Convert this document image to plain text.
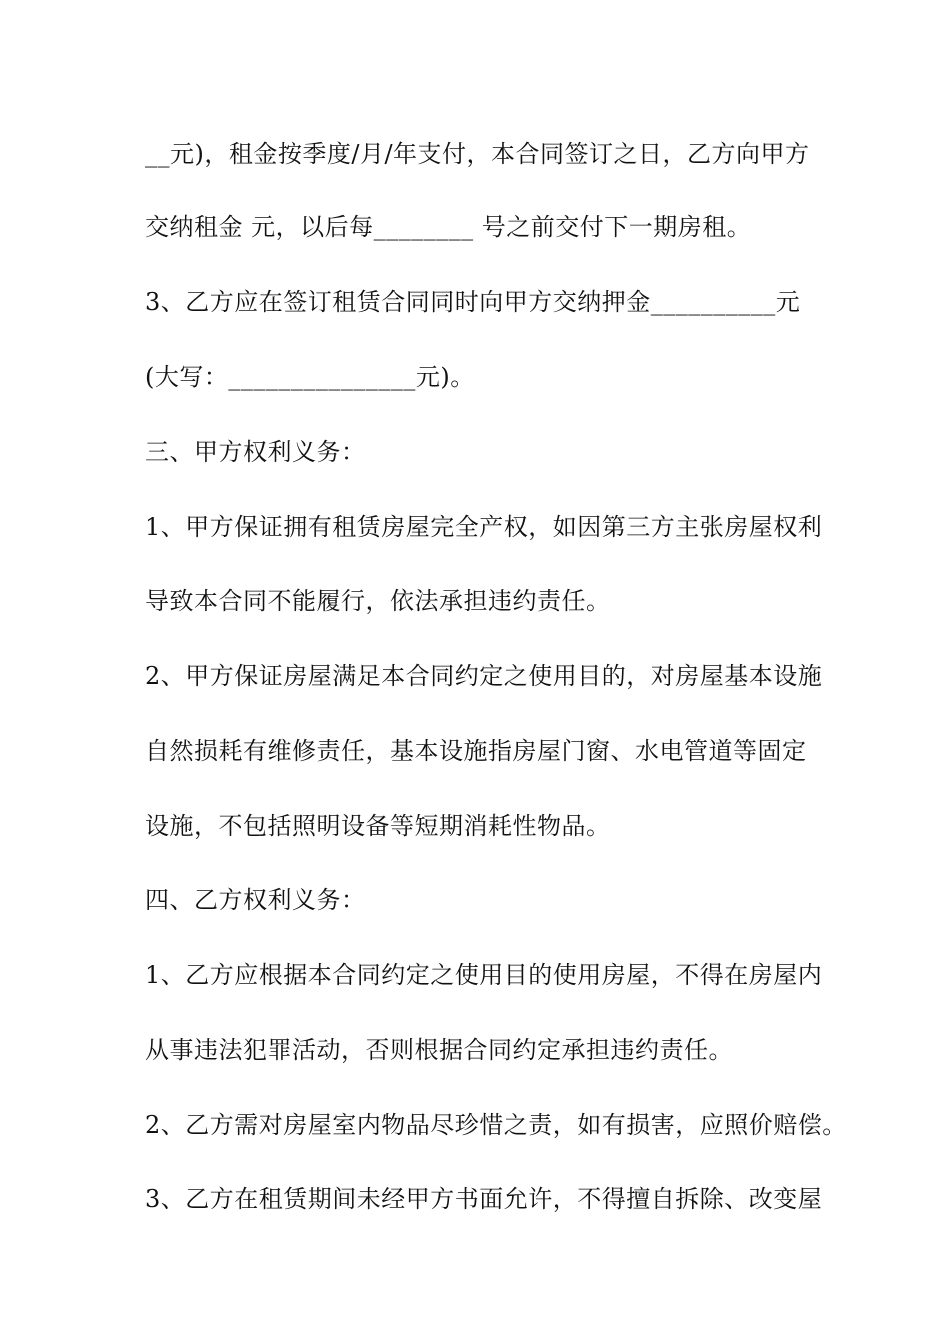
__元)，租金按季度/月/年支付，本合同签订之日，乙方向甲方
交纳租金 元，以后每________ 号之前交付下一期房租。
3、乙方应在签订租赁合同同时向甲方交纳押金__________元
(大写：_______________元)。
三、甲方权利义务：
1、甲方保证拥有租赁房屋完全产权，如因第三方主张房屋权利
导致本合同不能履行，依法承担违约责任。
2、甲方保证房屋满足本合同约定之使用目的，对房屋基本设施
自然损耗有维修责任，基本设施指房屋门窗、水电管道等固定
设施，不包括照明设备等短期消耗性物品。
四、乙方权利义务：
1、乙方应根据本合同约定之使用目的使用房屋，不得在房屋内
从事违法犯罪活动，否则根据合同约定承担违约责任。
2、乙方需对房屋室内物品尽珍惜之责，如有损害，应照价赔偿。
3、乙方在租赁期间未经甲方书面允许，不得擅自拆除、改变屋
